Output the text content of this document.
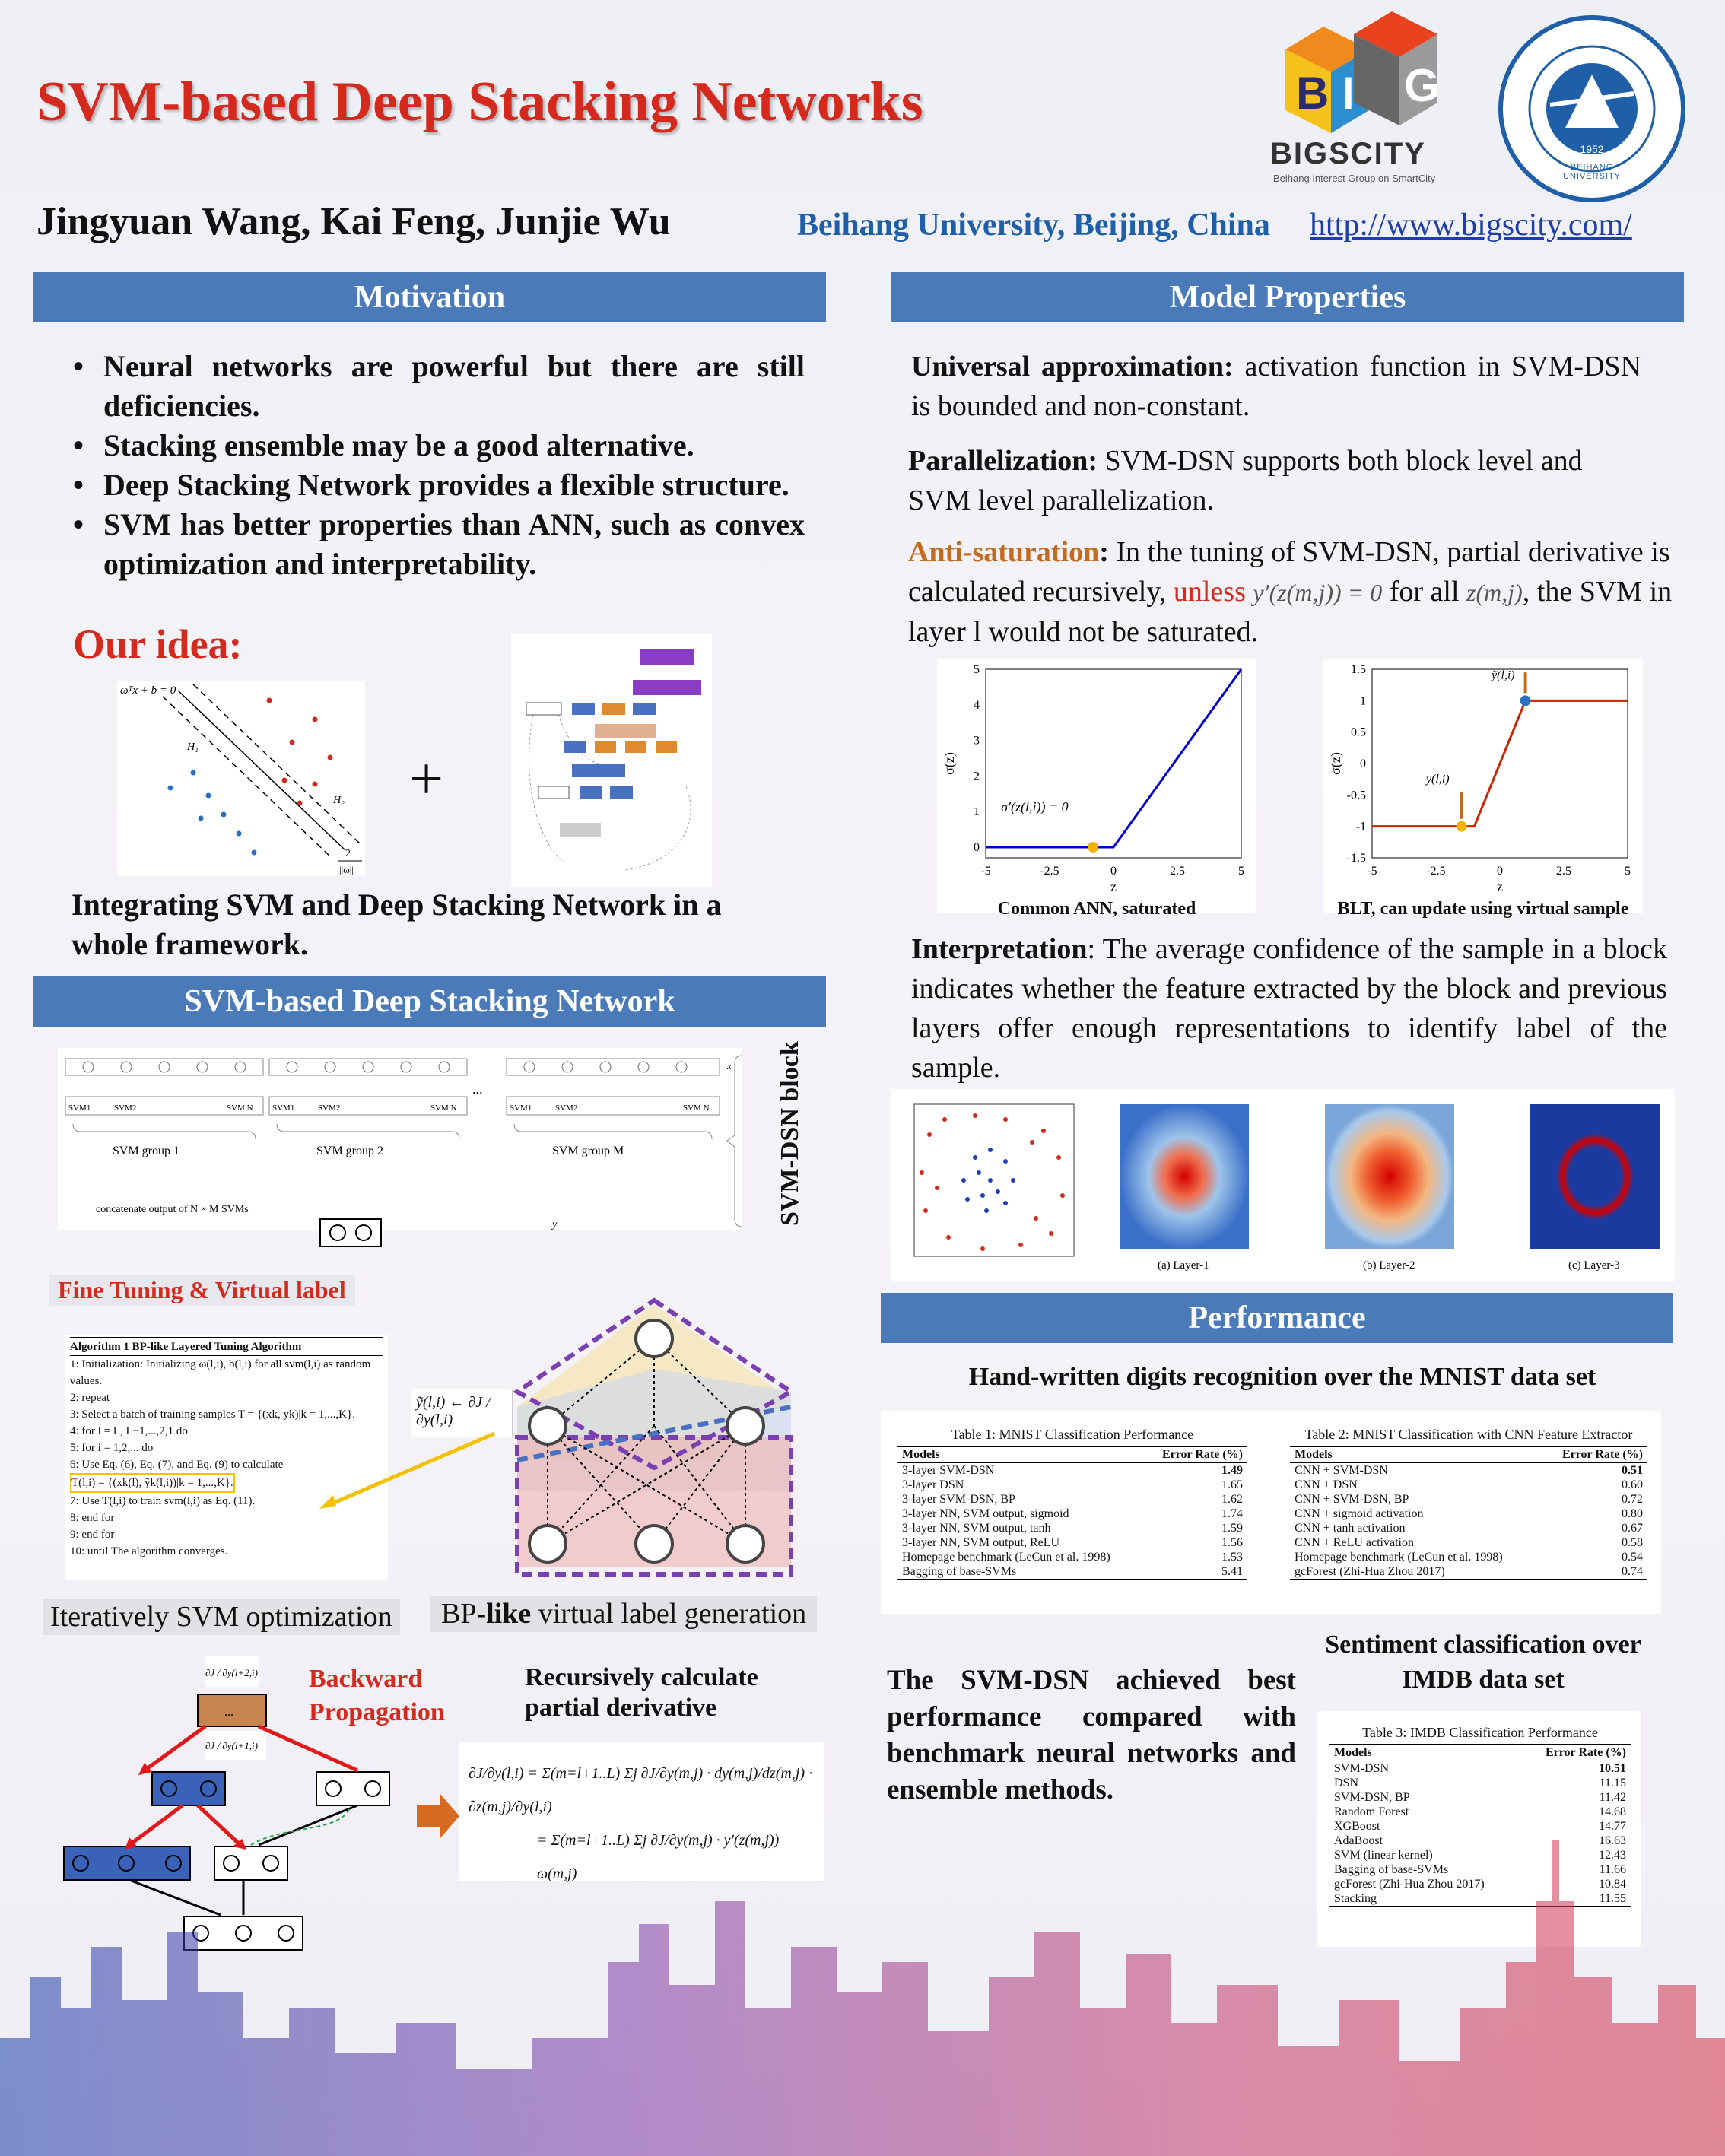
SVM-based Deep Stacking Networks
Jingyuan Wang, Kai Feng, Junjie Wu	Beihang University, Beijing, China http://www.bigscity.com/
B I G
BIGSCITY
Beihang Interest Group on SmartCity
BEIHANG UNIVERSITY
1952
Motivation
• Neural networks are powerful but there are still deficiencies.
• Stacking ensemble may be a good alternative.
• Deep Stacking Network provides a flexible structure.
• SVM has better properties than ANN, such as convex optimization and interpretability.
Our idea:
ωᵀx + b = 0
H₁
H₂
2
||ω||
+
Integrating SVM and Deep Stacking Network in a whole framework.
SVM-based Deep Stacking Network
SVM1	SVM2	SVM N SVM1	SVM2	SVM N	SVM1	SVM2	SVM N
x
...
SVM group 1	SVM group 2	SVM group M
concatenate output of N × M SVMs
y	SVM-DSN block
Fine Tuning & Virtual label
Algorithm 1 BP-like Layered Tuning Algorithm
1: Initialization: Initializing ω(l,i), b(l,i) for all svm(l,i) as random values.
2: repeat
3: Select a batch of training samples T = {(xk, yk)|k = 1,...,K}.
4: for l = L, L−1,...,2,1 do
5: for i = 1,2,... do
6: Use Eq. (6), Eq. (7), and Eq. (9) to calculate
T(l,i) = {(xk(l), ỹk(l,i))|k = 1,...,K}.
7: Use T(l,i) to train svm(l,i) as Eq. (11).
8: end for
9: end for
10: until The algorithm converges.
ỹ(l,i) ← ∂J / ∂y(l,i)
Iteratively SVM optimization	BP-like virtual label generation
∂J / ∂y(l+2,i)
...
∂J / ∂y(l+1,i)
Backward Propagation
Recursively calculate partial derivative
∂J/∂y(l,i) = Σ(m=l+1..L) Σj ∂J/∂y(m,j) · dy(m,j)/dz(m,j) · ∂z(m,j)/∂y(l,i)
= Σ(m=l+1..L) Σj ∂J/∂y(m,j) · y′(z(m,j)) ω(m,j)
Model Properties
Universal approximation: activation function in SVM-DSN is bounded and non-constant.
Parallelization: SVM-DSN supports both block level and SVM level parallelization.
Anti-saturation: In the tuning of SVM-DSN, partial derivative is calculated recursively, unless y′(z(m,j)) = 0 for all z(m,j), the SVM in layer l would not be saturated.
-5	-2.5	0	2.5	5
0
1
2
3
4
5
z
σ(z)
σ′(z(l,i)) = 0
Common ANN, saturated
-5	-2.5	0	2.5	5
1.5
1
0.5
0
-0.5
-1
-1.5
z
σ(z)
ỹ(l,i)
y(l,i)
BLT, can update using virtual sample
Interpretation: The average confidence of the sample in a block indicates whether the feature extracted by the block and previous layers offer enough representations to identify label of the sample.
(a) Layer-1	(b) Layer-2	(c) Layer-3
Performance
Hand-written digits recognition over the MNIST data set
Table 1: MNIST Classification Performance
Models	Error Rate (%)
3-layer SVM-DSN	1.49
3-layer DSN	1.65
3-layer SVM-DSN, BP	1.62
3-layer NN, SVM output, sigmoid	1.74
3-layer NN, SVM output, tanh	1.59
3-layer NN, SVM output, ReLU	1.56
Homepage benchmark (LeCun et al. 1998)	1.53
Bagging of base-SVMs	5.41
Table 2: MNIST Classification with CNN Feature Extractor
Models	Error Rate (%)
CNN + SVM-DSN	0.51
CNN + DSN	0.60
CNN + SVM-DSN, BP	0.72
CNN + sigmoid activation	0.80
CNN + tanh activation	0.67
CNN + ReLU activation	0.58
Homepage benchmark (LeCun et al. 1998)	0.54
gcForest (Zhi-Hua Zhou 2017)	0.74
Sentiment classification over IMDB data set
The SVM-DSN achieved best performance compared with benchmark neural networks and ensemble methods.
Table 3: IMDB Classification Performance
Models	Error Rate (%)
SVM-DSN	10.51
DSN	11.15
SVM-DSN, BP	11.42
Random Forest	14.68
XGBoost	14.77
AdaBoost	16.63
SVM (linear kernel)	12.43
Bagging of base-SVMs	11.66
gcForest (Zhi-Hua Zhou 2017)	10.84
Stacking	11.55
